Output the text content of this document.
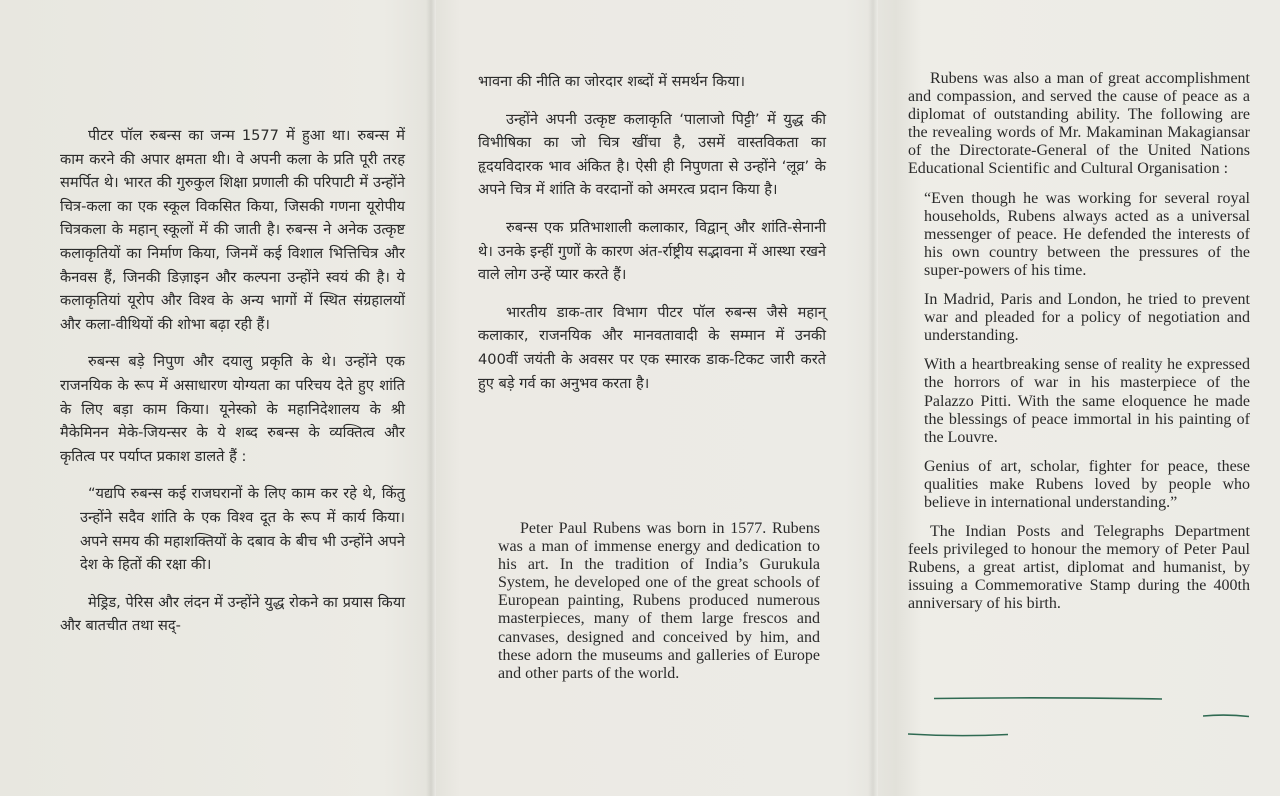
पीटर पॉल रुबन्स का जन्म 1577 में हुआ था। रुबन्स में काम करने की अपार क्षमता थी। वे अपनी कला के प्रति पूरी तरह समर्पित थे। भारत की गुरुकुल शिक्षा प्रणाली की परिपाटी में उन्होंने चित्र-कला का एक स्कूल विकसित किया, जिसकी गणना यूरोपीय चित्रकला के महान् स्कूलों में की जाती है। रुबन्स ने अनेक उत्कृष्ट कलाकृतियों का निर्माण किया, जिनमें कई विशाल भित्तिचित्र और कैनवस हैं, जिनकी डिज़ाइन और कल्पना उन्होंने स्वयं की है। ये कलाकृतियां यूरोप और विश्व के अन्य भागों में स्थित संग्रहालयों और कला-वीथियों की शोभा बढ़ा रही हैं।

रुबन्स बड़े निपुण और दयालु प्रकृति के थे। उन्होंने एक राजनयिक के रूप में असाधारण योग्यता का परिचय देते हुए शांति के लिए बड़ा काम किया। यूनेस्को के महानिदेशालय के श्री मैकेमिनन मेके-जियन्सर के ये शब्द रुबन्स के व्यक्तित्व और कृतित्व पर पर्याप्त प्रकाश डालते हैं :

“यद्यपि रुबन्स कई राजघरानों के लिए काम कर रहे थे, किंतु उन्होंने सदैव शांति के एक विश्व दूत के रूप में कार्य किया। अपने समय की महाशक्तियों के दबाव के बीच भी उन्होंने अपने देश के हितों की रक्षा की।

मेड्रिड, पेरिस और लंदन में उन्होंने युद्ध रोकने का प्रयास किया और बातचीत तथा सद्-

भावना की नीति का जोरदार शब्दों में समर्थन किया।

उन्होंने अपनी उत्कृष्ट कलाकृति ‘पालाजो पिट्टी’ में युद्ध की विभीषिका का जो चित्र खींचा है, उसमें वास्तविकता का हृदयविदारक भाव अंकित है। ऐसी ही निपुणता से उन्होंने ‘लूव्र’ के अपने चित्र में शांति के वरदानों को अमरत्व प्रदान किया है।

रुबन्स एक प्रतिभाशाली कलाकार, विद्वान् और शांति-सेनानी थे। उनके इन्हीं गुणों के कारण अंत-र्राष्ट्रीय सद्भावना में आस्था रखने वाले लोग उन्हें प्यार करते हैं।

भारतीय डाक-तार विभाग पीटर पॉल रुबन्स जैसे महान् कलाकार, राजनयिक और मानवतावादी के सम्मान में उनकी 400वीं जयंती के अवसर पर एक स्मारक डाक-टिकट जारी करते हुए बड़े गर्व का अनुभव करता है।

Peter Paul Rubens was born in 1577. Rubens was a man of immense energy and dedication to his art. In the tradition of India’s Gurukula System, he developed one of the great schools of European painting, Rubens produced numerous masterpieces, many of them large frescos and canvases, designed and conceived by him, and these adorn the museums and galleries of Europe and other parts of the world.

Rubens was also a man of great accomplishment and compassion, and served the cause of peace as a diplomat of outstanding ability. The following are the revealing words of Mr. Makaminan Makagiansar of the Directorate-General of the United Nations Educational Scientific and Cultural Organisation :

“Even though he was working for several royal households, Rubens always acted as a universal messenger of peace. He defended the interests of his own country between the pressures of the super-powers of his time.

In Madrid, Paris and London, he tried to prevent war and pleaded for a policy of negotiation and understanding.

With a heartbreaking sense of reality he expressed the horrors of war in his masterpiece of the Palazzo Pitti. With the same eloquence he made the blessings of peace immortal in his painting of the Louvre.

Genius of art, scholar, fighter for peace, these qualities make Rubens loved by people who believe in international understanding.”

The Indian Posts and Telegraphs Department feels privileged to honour the memory of Peter Paul Rubens, a great artist, diplomat and humanist, by issuing a Commemorative Stamp during the 400th anniversary of his birth.
